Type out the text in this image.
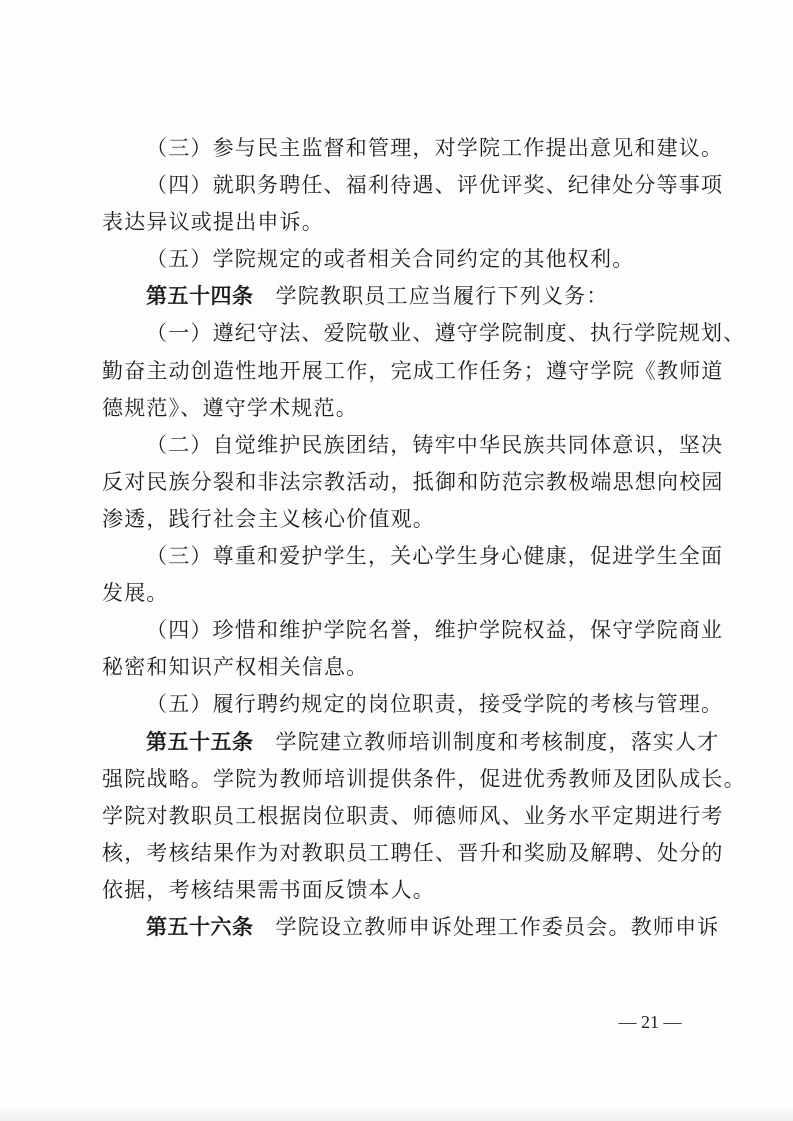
（三）参与民主监督和管理，对学院工作提出意见和建议。
（四）就职务聘任、福利待遇、评优评奖、纪律处分等事项
表达异议或提出申诉。
（五）学院规定的或者相关合同约定的其他权利。
第五十四条 学院教职员工应当履行下列义务：
（一）遵纪守法、爱院敬业、遵守学院制度、执行学院规划、
勤奋主动创造性地开展工作，完成工作任务；遵守学院《教师道
德规范》、遵守学术规范。
（二）自觉维护民族团结，铸牢中华民族共同体意识，坚决
反对民族分裂和非法宗教活动，抵御和防范宗教极端思想向校园
渗透，践行社会主义核心价值观。
（三）尊重和爱护学生，关心学生身心健康，促进学生全面
发展。
（四）珍惜和维护学院名誉，维护学院权益，保守学院商业
秘密和知识产权相关信息。
（五）履行聘约规定的岗位职责，接受学院的考核与管理。
第五十五条 学院建立教师培训制度和考核制度，落实人才
强院战略。学院为教师培训提供条件，促进优秀教师及团队成长。
学院对教职员工根据岗位职责、师德师风、业务水平定期进行考
核，考核结果作为对教职员工聘任、晋升和奖励及解聘、处分的
依据，考核结果需书面反馈本人。
第五十六条 学院设立教师申诉处理工作委员会。教师申诉
— 21 —
